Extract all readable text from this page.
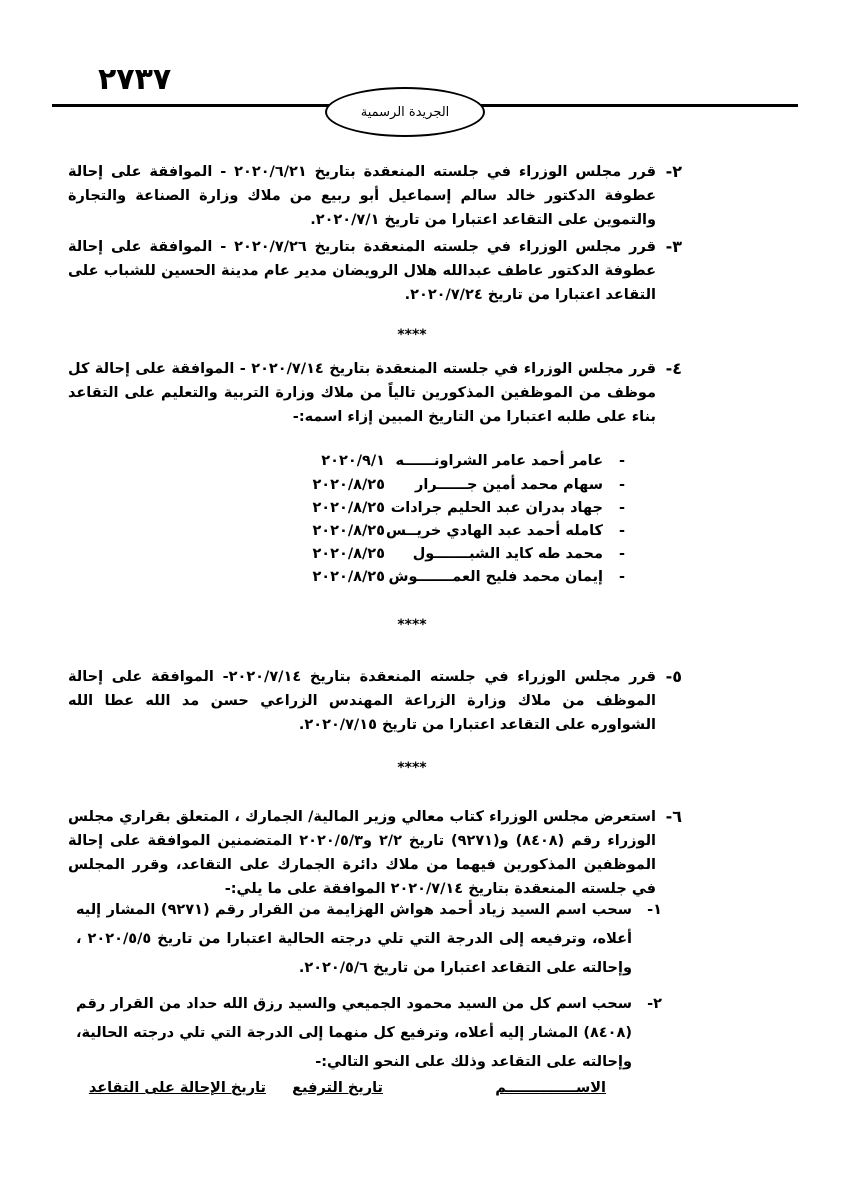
٢٧٣٧
الجريدة الرسمية
٢-
قرر مجلس الوزراء في جلسته المنعقدة بتاريخ ٢٠٢٠/٦/٢١ - الموافقة على إحالة عطوفة الدكتور خالد سالم إسماعيل أبو ربيع من ملاك وزارة الصناعة والتجارة والتموين على التقاعد اعتبارا من تاريخ ٢٠٢٠/٧/١.
٣-
قرر مجلس الوزراء في جلسته المنعقدة بتاريخ ٢٠٢٠/٧/٢٦ - الموافقة على إحالة عطوفة الدكتور عاطف عبدالله هلال الرويضان مدير عام مدينة الحسين للشباب على التقاعد اعتبارا من تاريخ ٢٠٢٠/٧/٢٤.
****
٤-
قرر مجلس الوزراء في جلسته المنعقدة بتاريخ ٢٠٢٠/٧/١٤ - الموافقة على إحالة كل موظف من الموظفين المذكورين تالياً من ملاك وزارة التربية والتعليم على التقاعد بناء على طلبه اعتبارا من التاريخ المبين إزاء اسمه:-
-
عامر أحمد عامر الشراونــــــه
٢٠٢٠/٩/١
-
سهام محمد أمين جــــــرار
٢٠٢٠/٨/٢٥
-
جهاد بدران عبد الحليم جرادات
٢٠٢٠/٨/٢٥
-
كامله أحمد عبد الهادي خريــس
٢٠٢٠/٨/٢٥
-
محمد طه كايد الشبـــــــول
٢٠٢٠/٨/٢٥
-
إيمان محمد فليح العمـــــــوش
٢٠٢٠/٨/٢٥
****
٥-
قرر مجلس الوزراء في جلسته المنعقدة بتاريخ ٢٠٢٠/٧/١٤- الموافقة على إحالة الموظف من ملاك وزارة الزراعة المهندس الزراعي حسن مد الله عطا الله الشواوره على التقاعد اعتبارا من تاريخ ٢٠٢٠/٧/١٥.
****
٦-
استعرض مجلس الوزراء كتاب معالي وزير المالية/ الجمارك ، المتعلق بقراري مجلس الوزراء رقم (٨٤٠٨) و(٩٢٧١) تاريخ ٢/٢ و٢٠٢٠/٥/٣ المتضمنين الموافقة على إحالة الموظفين المذكورين فيهما من ملاك دائرة الجمارك على التقاعد، وقرر المجلس في جلسته المنعقدة بتاريخ ٢٠٢٠/٧/١٤ الموافقة على ما يلي:-
١-
سحب اسم السيد زياد أحمد هواش الهزايمة من القرار رقم (٩٢٧١) المشار إليه أعلاه، وترفيعه إلى الدرجة التي تلي درجته الحالية اعتبارا من تاريخ ٢٠٢٠/٥/٥ ، وإحالته على التقاعد اعتبارا من تاريخ ٢٠٢٠/٥/٦.
٢-
سحب اسم كل من السيد محمود الجميعي والسيد رزق الله حداد من القرار رقم (٨٤٠٨) المشار إليه أعلاه، وترفيع كل منهما إلى الدرجة التي تلي درجته الحالية، وإحالته على التقاعد وذلك على النحو التالي:-
الاســــــــــــــم
تاريخ الترفيع
تاريخ الإحالة على التقاعد
